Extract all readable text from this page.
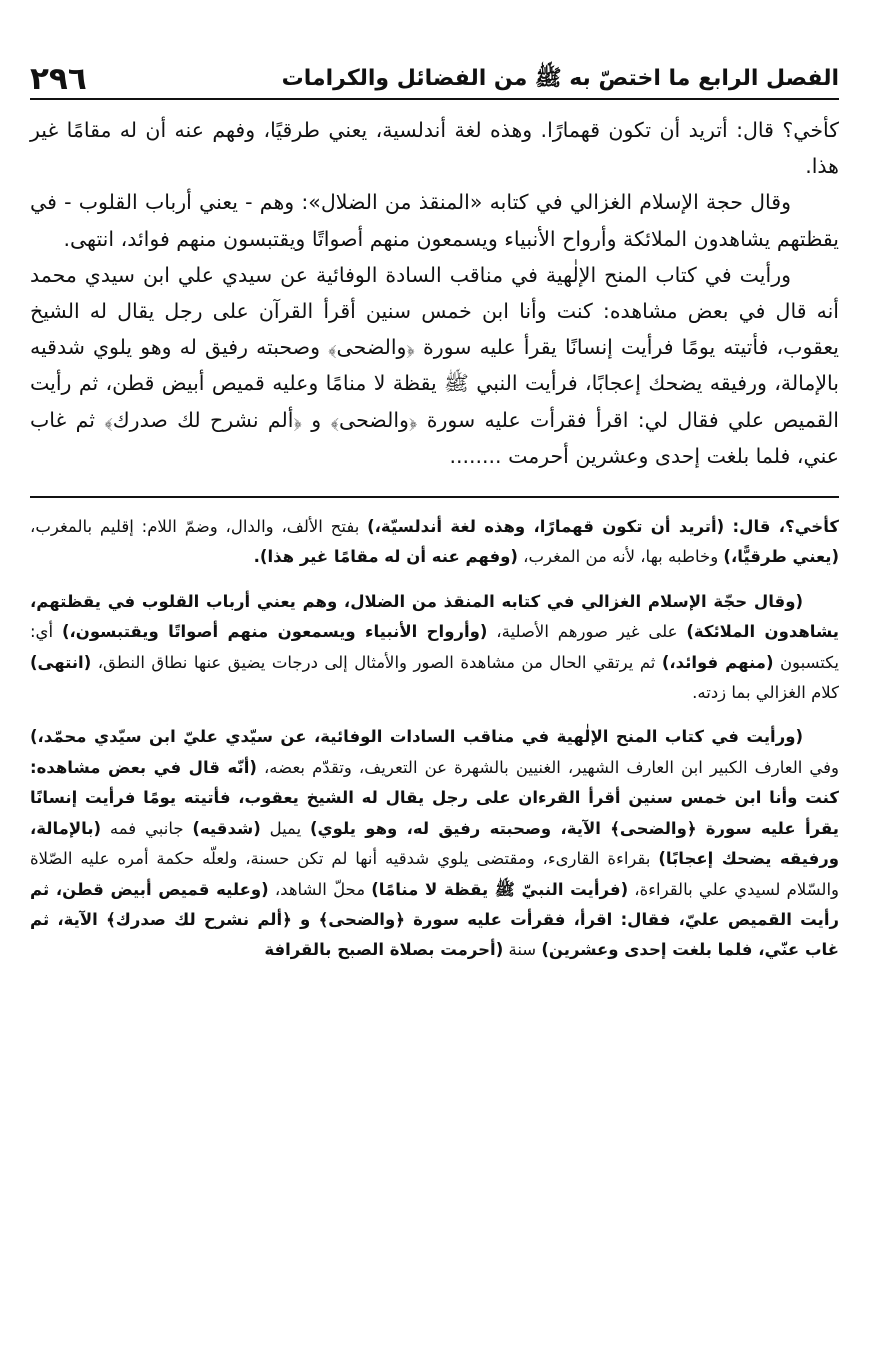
٢٩٦	الفصل الرابع ما اختصّ به ﷺ من الفضائل والكرامات

كأخي؟ قال: أتريد أن تكون قهمارًا. وهذه لغة أندلسية، يعني طرقيًا، وفهم عنه أن له مقامًا غير هذا.

وقال حجة الإسلام الغزالي في كتابه «المنقذ من الضلال»: وهم - يعني أرباب القلوب - في يقظتهم يشاهدون الملائكة وأرواح الأنبياء ويسمعون منهم أصواتًا ويقتبسون منهم فوائد، انتهى.

ورأيت في كتاب المنح الإلٰهية في مناقب السادة الوفائية عن سيدي علي ابن سيدي محمد أنه قال في بعض مشاهده: كنت وأنا ابن خمس سنين أقرأ القرآن على رجل يقال له الشيخ يعقوب، فأتيته يومًا فرأيت إنسانًا يقرأ عليه سورة ﴿والضحى﴾ وصحبته رفيق له وهو يلوي شدقيه بالإمالة، ورفيقه يضحك إعجابًا، فرأيت النبي ﷺ يقظة لا منامًا وعليه قميص أبيض قطن، ثم رأيت القميص علي فقال لي: اقرأ فقرأت عليه سورة ﴿والضحى﴾ و ﴿ألم نشرح لك صدرك﴾ ثم غاب عني، فلما بلغت إحدى وعشرين أحرمت ........

كأخي؟، قال: (أتريد أن تكون قهمارًا، وهذه لغة أندلسيّة،) بفتح الألف، والدال، وضمّ اللام: إقليم بالمغرب، (يعني طرقيًّا،) وخاطبه بها، لأنه من المغرب، (وفهم عنه أن له مقامًا غير هذا).

(وقال حجّة الإسلام الغزالي في كتابه المنقذ من الضلال، وهم يعني أرباب القلوب في يقظتهم، يشاهدون الملائكة) على غير صورهم الأصلية، (وأرواح الأنبياء ويسمعون منهم أصواتًا ويقتبسون،) أي: يكتسبون (منهم فوائد،) ثم يرتقي الحال من مشاهدة الصور والأمثال إلى درجات يضيق عنها نطاق النطق، (انتهى) كلام الغزالي بما زدته.

(ورأيت في كتاب المنح الإلٰهية في مناقب السادات الوفائية، عن سيّدي عليّ ابن سيّدي محمّد،) وفي العارف الكبير ابن العارف الشهير، الغنيين بالشهرة عن التعريف، وتقدّم بعضه، (أنّه قال في بعض مشاهده: كنت وأنا ابن خمس سنين أقرأ القرءان على رجل يقال له الشيخ يعقوب، فأتيته يومًا فرأيت إنسانًا يقرأ عليه سورة ﴿والضحى﴾ الآية، وصحبته رفيق له، وهو يلوي) يميل (شدقيه) جانبي فمه (بالإمالة، ورفيقه يضحك إعجابًا) بقراءة القارىء، ومقتضى يلوي شدقيه أنها لم تكن حسنة، ولعلّه حكمة أمره عليه الصّلاة والسّلام لسيدي علي بالقراءة، (فرأيت النبيّ ﷺ يقظة لا منامًا) محلّ الشاهد، (وعليه قميص أبيض قطن، ثم رأيت القميص عليّ، فقال: اقرأ، فقرأت عليه سورة ﴿والضحى﴾ و ﴿ألم نشرح لك صدرك﴾ الآية، ثم غاب عنّي، فلما بلغت إحدى وعشرين) سنة (أحرمت بصلاة الصبح بالقرافة
